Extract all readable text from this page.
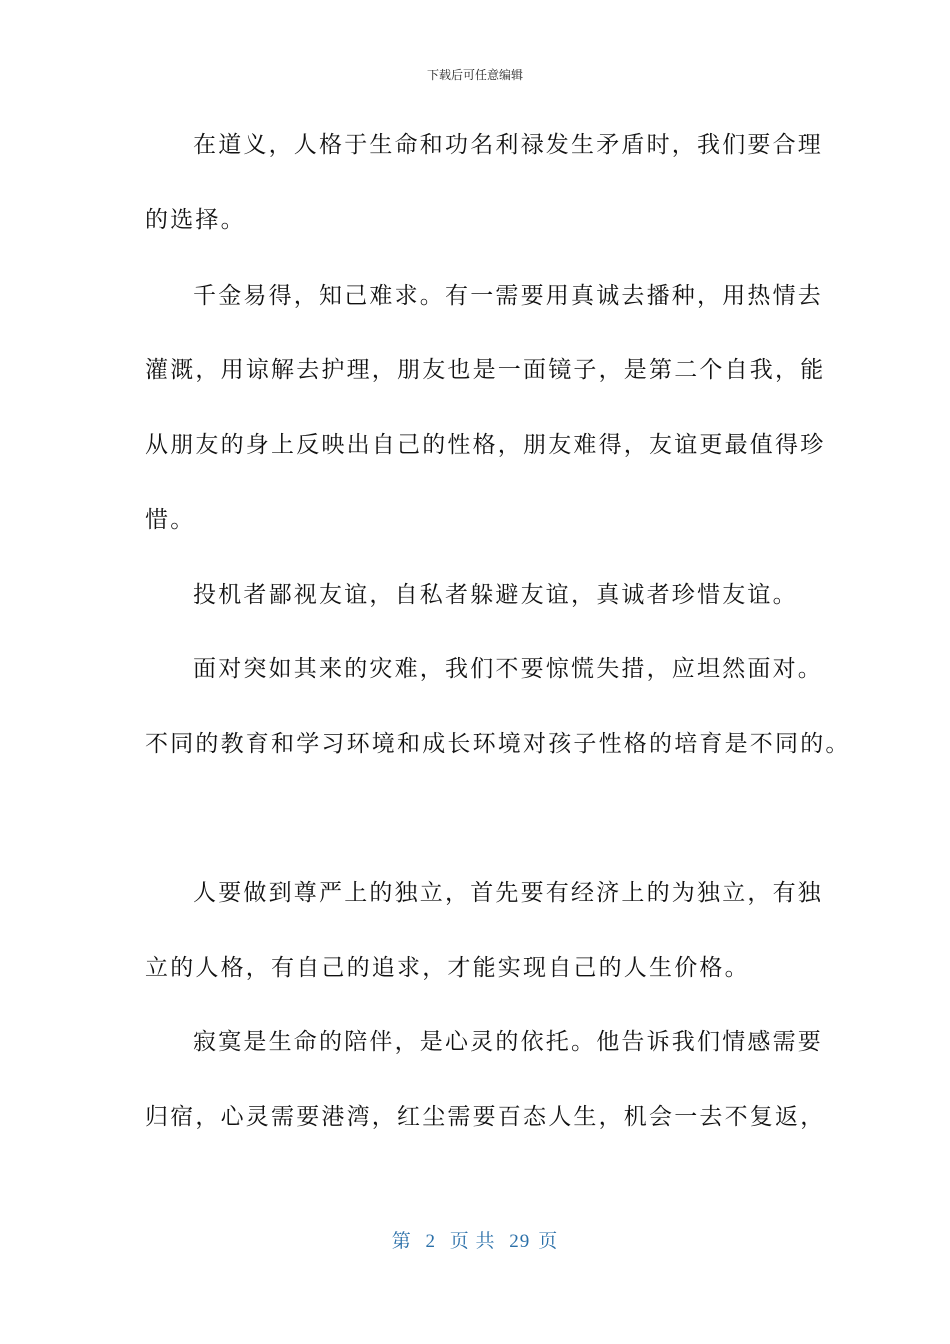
下载后可任意编辑
在道义，人格于生命和功名利禄发生矛盾时，我们要合理
的选择。
千金易得，知己难求。有一需要用真诚去播种，用热情去
灌溉，用谅解去护理，朋友也是一面镜子，是第二个自我，能
从朋友的身上反映出自己的性格，朋友难得，友谊更最值得珍
惜。
投机者鄙视友谊，自私者躲避友谊，真诚者珍惜友谊。
面对突如其来的灾难，我们不要惊慌失措，应坦然面对。
不同的教育和学习环境和成长环境对孩子性格的培育是不同的。
人要做到尊严上的独立，首先要有经济上的为独立，有独
立的人格，有自己的追求，才能实现自己的人生价格。
寂寞是生命的陪伴，是心灵的依托。他告诉我们情感需要
归宿，心灵需要港湾，红尘需要百态人生，机会一去不复返，
第 2 页 共 29 页
